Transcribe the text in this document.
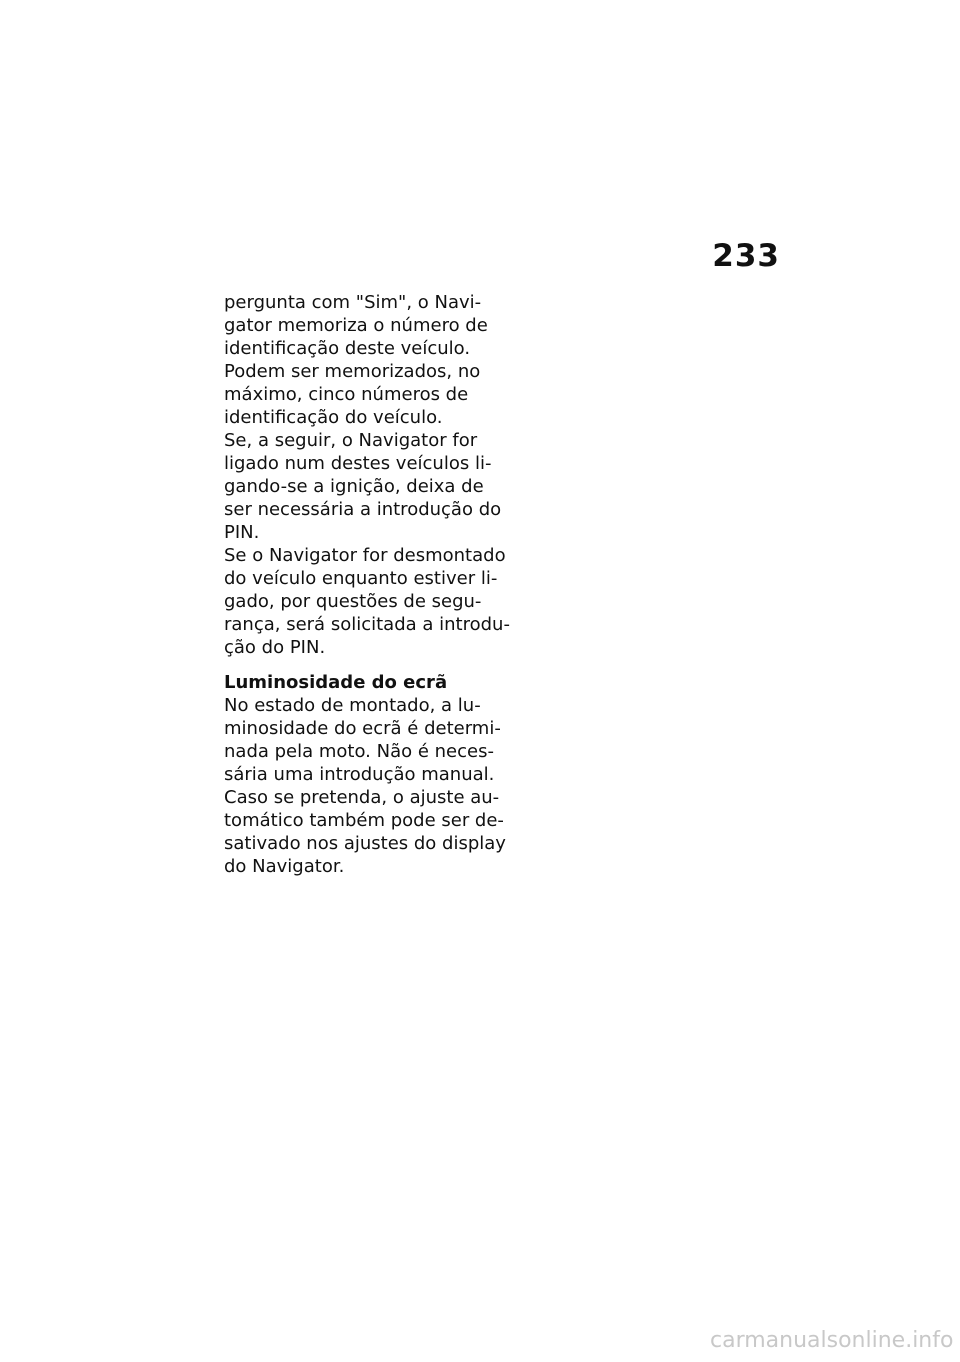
233
pergunta com "Sim", o Navi-
gator memoriza o número de
identificação deste veículo.
Podem ser memorizados, no
máximo, cinco números de
identificação do veículo.
Se, a seguir, o Navigator for
ligado num destes veículos li-
gando-se a ignição, deixa de
ser necessária a introdução do
PIN.
Se o Navigator for desmontado
do veículo enquanto estiver li-
gado, por questões de segu-
rança, será solicitada a introdu-
ção do PIN.
Luminosidade do ecrã
No estado de montado, a lu-
minosidade do ecrã é determi-
nada pela moto. Não é neces-
sária uma introdução manual.
Caso se pretenda, o ajuste au-
tomático também pode ser de-
sativado nos ajustes do display
do Navigator.
carmanualsonline.info
